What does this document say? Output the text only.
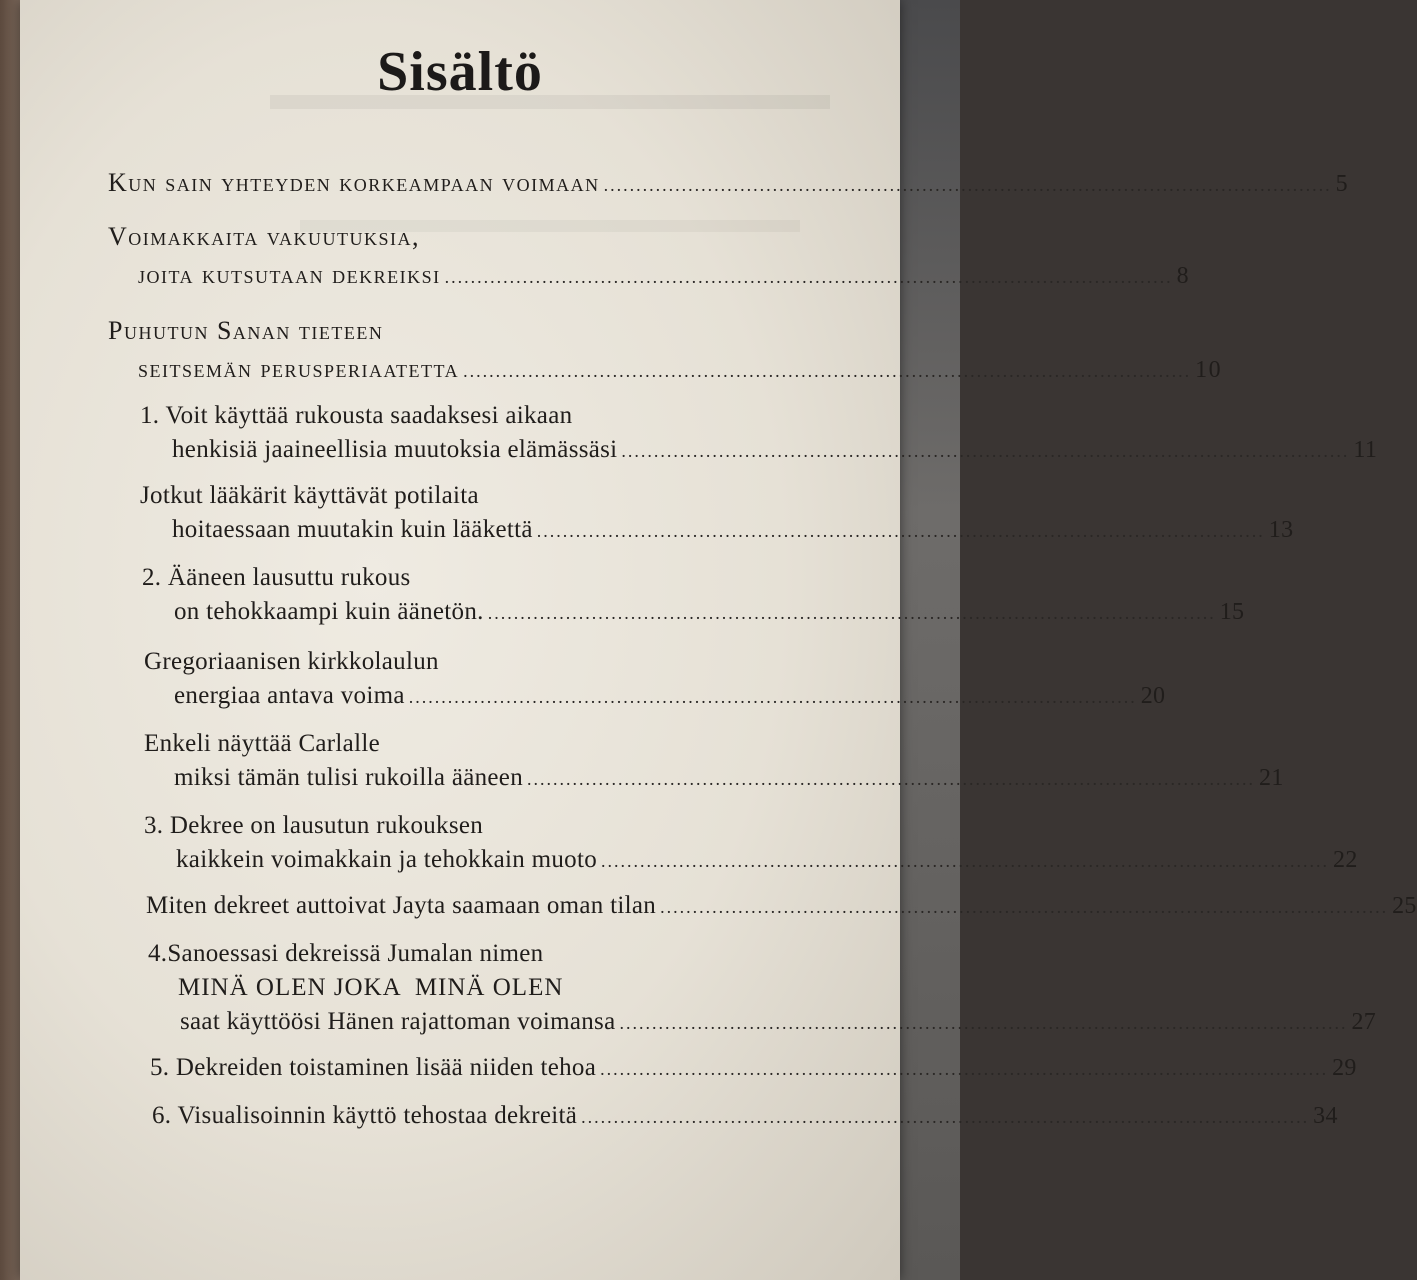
Sisältö
Kun sain yhteyden korkeampaan voimaan ................................................................................................................ 5
Voimakkaita vakuutuksia,
joita kutsutaan dekreiksi ................................................................................................................ 8
Puhutun Sanan tieteen
seitsemän perusperiaatetta ................................................................................................................ 10
1. Voit käyttää rukousta saadaksesi aikaan
henkisiä jaaineellisia muutoksia elämässäsi ................................................................................................................ 11
Jotkut lääkärit käyttävät potilaita
hoitaessaan muutakin kuin lääkettä ................................................................................................................ 13
2. Ääneen lausuttu rukous
on tehokkaampi kuin äänetön. ................................................................................................................ 15
Gregoriaanisen kirkkolaulun
energiaa antava voima ................................................................................................................ 20
Enkeli näyttää Carlalle
miksi tämän tulisi rukoilla ääneen ................................................................................................................ 21
3. Dekree on lausutun rukouksen
kaikkein voimakkain ja tehokkain muoto ................................................................................................................ 22
Miten dekreet auttoivat Jayta saamaan oman tilan ................................................................................................................ 25
4.Sanoessasi dekreissä Jumalan nimen
MINÄ OLEN JOKA  MINÄ OLEN
saat käyttöösi Hänen rajattoman voimansa ................................................................................................................ 27
5. Dekreiden toistaminen lisää niiden tehoa ................................................................................................................ 29
6. Visualisoinnin käyttö tehostaa dekreitä ................................................................................................................ 34
